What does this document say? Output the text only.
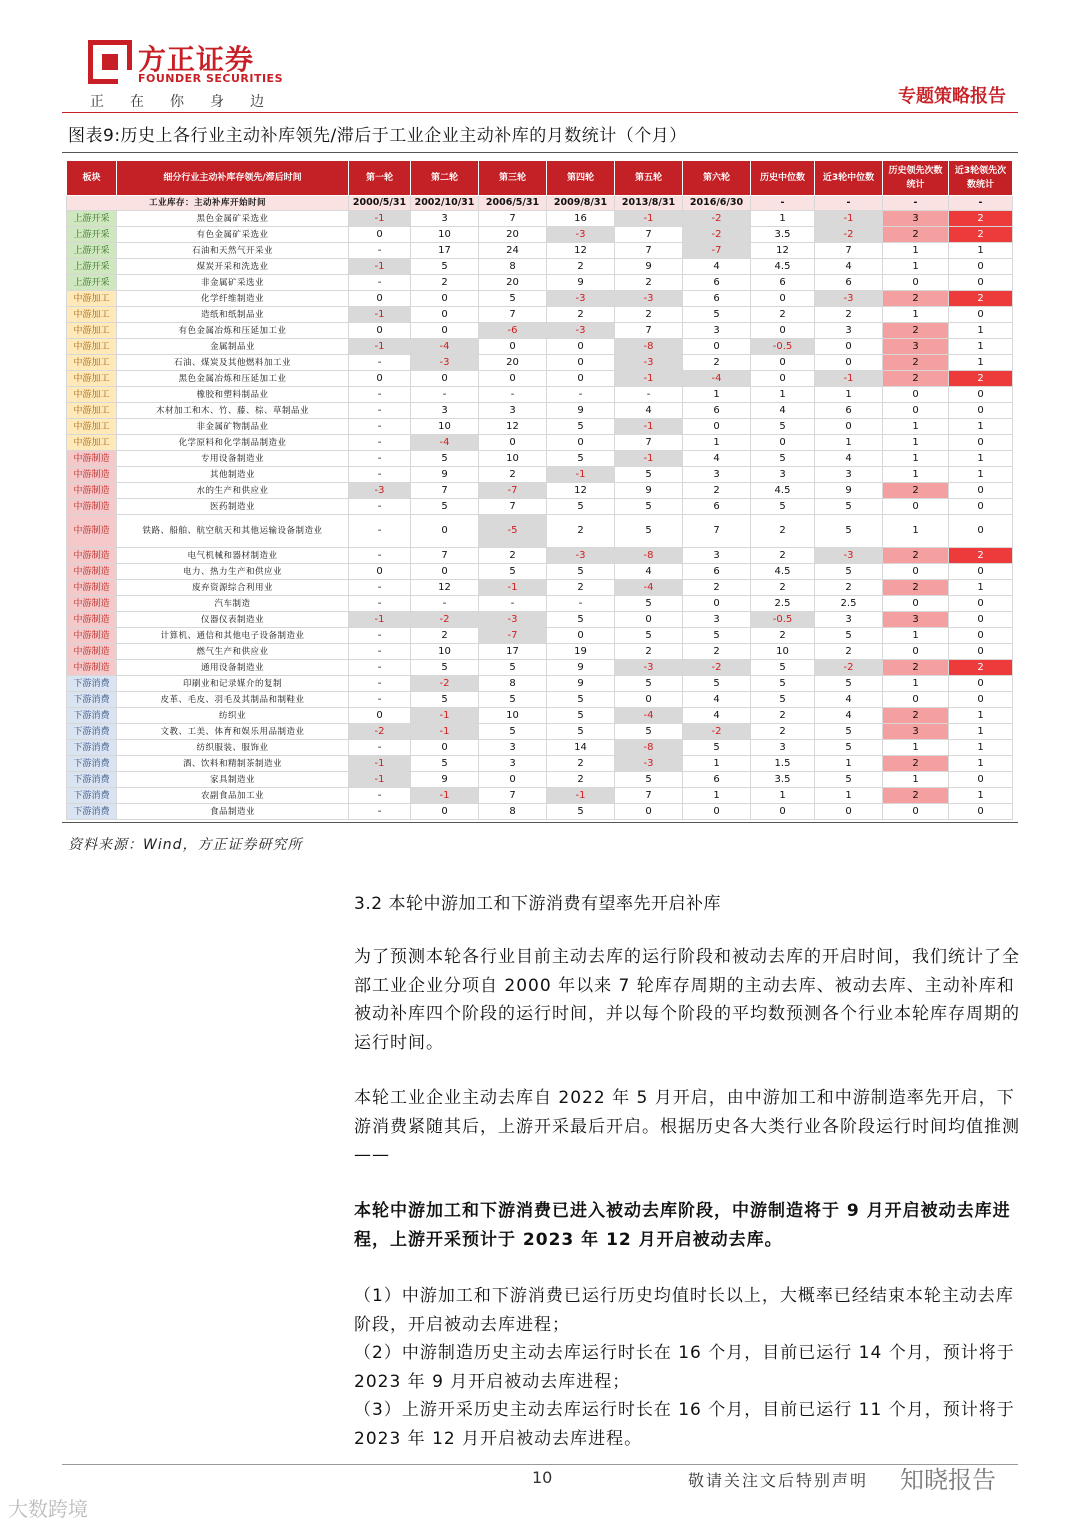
方正证券
FOUNDER SECURITIES
正在你身边	专题策略报告
图表9:历史上各行业主动补库领先/滞后于工业企业主动补库的月数统计（个月）
板块	细分行业主动补库存领先/滞后时间	第一轮	第二轮	第三轮	第四轮	第五轮	第六轮	历史中位数	近3轮中位数	历史领先次数统计	近3轮领先次数统计
工业库存：主动补库开始时间		2000/5/31	2002/10/31	2006/5/31	2009/8/31	2013/8/31	2016/6/30	-	-	-	-
上游开采	黑色金属矿采选业	-1	3	7	16	-1	-2	1	-1	3	2
上游开采	有色金属矿采选业	0	10	20	-3	7	-2	3.5	-2	2	2
上游开采	石油和天然气开采业	-	17	24	12	7	-7	12	7	1	1
上游开采	煤炭开采和洗选业	-1	5	8	2	9	4	4.5	4	1	0
上游开采	非金属矿采选业	-	2	20	9	2	6	6	6	0	0
中游加工	化学纤维制造业	0	0	5	-3	-3	6	0	-3	2	2
中游加工	造纸和纸制品业	-1	0	7	2	2	5	2	2	1	0
中游加工	有色金属冶炼和压延加工业	0	0	-6	-3	7	3	0	3	2	1
中游加工	金属制品业	-1	-4	0	0	-8	0	-0.5	0	3	1
中游加工	石油、煤炭及其他燃料加工业	-	-3	20	0	-3	2	0	0	2	1
中游加工	黑色金属冶炼和压延加工业	0	0	0	0	-1	-4	0	-1	2	2
中游加工	橡胶和塑料制品业	-	-	-	-	-	1	1	1	0	0
中游加工	木材加工和木、竹、藤、棕、草制品业	-	3	3	9	4	6	4	6	0	0
中游加工	非金属矿物制品业	-	10	12	5	-1	0	5	0	1	1
中游加工	化学原料和化学制品制造业	-	-4	0	0	7	1	0	1	1	0
中游制造	专用设备制造业	-	5	10	5	-1	4	5	4	1	1
中游制造	其他制造业	-	9	2	-1	5	3	3	3	1	1
中游制造	水的生产和供应业	-3	7	-7	12	9	2	4.5	9	2	0
中游制造	医药制造业	-	5	7	5	5	6	5	5	0	0
中游制造	铁路、船舶、航空航天和其他运输设备制造业	-	0	-5	2	5	7	2	5	1	0
中游制造	电气机械和器材制造业	-	7	2	-3	-8	3	2	-3	2	2
中游制造	电力、热力生产和供应业	0	0	5	5	4	6	4.5	5	0	0
中游制造	废弃资源综合利用业	-	12	-1	2	-4	2	2	2	2	1
中游制造	汽车制造	-	-	-	-	5	0	2.5	2.5	0	0
中游制造	仪器仪表制造业	-1	-2	-3	5	0	3	-0.5	3	3	0
中游制造	计算机、通信和其他电子设备制造业	-	2	-7	0	5	5	2	5	1	0
中游制造	燃气生产和供应业	-	10	17	19	2	2	10	2	0	0
中游制造	通用设备制造业	-	5	5	9	-3	-2	5	-2	2	2
下游消费	印刷业和记录媒介的复制	-	-2	8	9	5	5	5	5	1	0
下游消费	皮革、毛皮、羽毛及其制品和制鞋业	-	5	5	5	0	4	5	4	0	0
下游消费	纺织业	0	-1	10	5	-4	4	2	4	2	1
下游消费	文教、工美、体育和娱乐用品制造业	-2	-1	5	5	5	-2	2	5	3	1
下游消费	纺织服装、服饰业	-	0	3	14	-8	5	3	5	1	1
下游消费	酒、饮料和精制茶制造业	-1	5	3	2	-3	1	1.5	1	2	1
下游消费	家具制造业	-1	9	0	2	5	6	3.5	5	1	0
下游消费	农副食品加工业	-	-1	7	-1	7	1	1	1	2	1
下游消费	食品制造业	-	0	8	5	0	0	0	0	0	0
资料来源：Wind，方正证券研究所
3.2 本轮中游加工和下游消费有望率先开启补库
为了预测本轮各行业目前主动去库的运行阶段和被动去库的开启时间，我们统计了全部工业企业分项自 2000 年以来 7 轮库存周期的主动去库、被动去库、主动补库和被动补库四个阶段的运行时间，并以每个阶段的平均数预测各个行业本轮库存周期的运行时间。
本轮工业企业主动去库自 2022 年 5 月开启，由中游加工和中游制造率先开启，下游消费紧随其后，上游开采最后开启。根据历史各大类行业各阶段运行时间均值推测——
本轮中游加工和下游消费已进入被动去库阶段，中游制造将于 9 月开启被动去库进程，上游开采预计于 2023 年 12 月开启被动去库。
（1）中游加工和下游消费已运行历史均值时长以上，大概率已经结束本轮主动去库阶段，开启被动去库进程；
（2）中游制造历史主动去库运行时长在 16 个月，目前已运行 14 个月，预计将于 2023 年 9 月开启被动去库进程；
（3）上游开采历史主动去库运行时长在 16 个月，目前已运行 11 个月，预计将于 2023 年 12 月开启被动去库进程。
10	敬请关注文后特别声明
大数跨境
知晓报告
